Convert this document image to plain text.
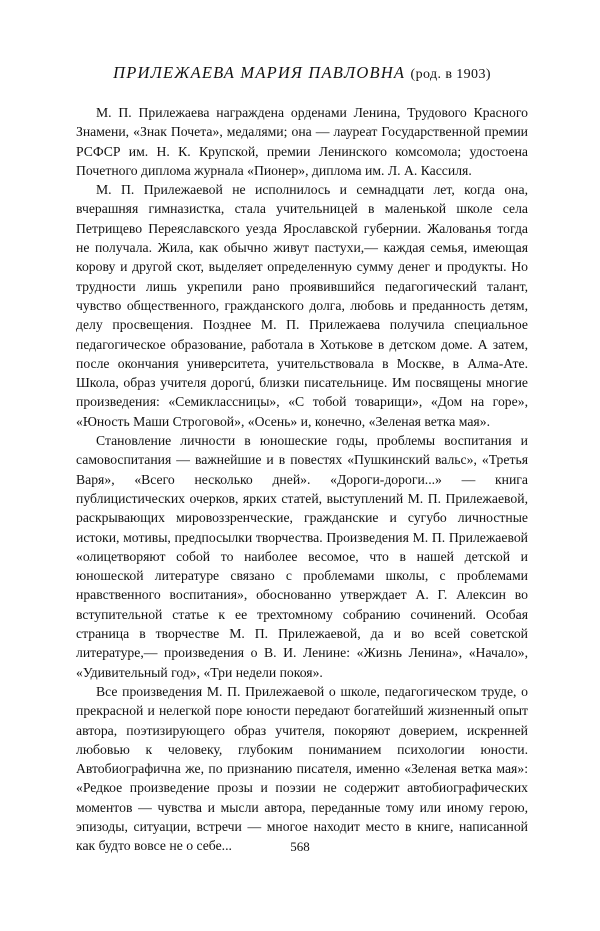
ПРИЛЕЖАЕВА МАРИЯ ПАВЛОВНА (род. в 1903)

М. П. Прилежаева награждена орденами Ленина, Трудового Красного Знамени, «Знак Почета», медалями; она — лауреат Государственной премии РСФСР им. Н. К. Крупской, премии Ленинского комсомола; удостоена Почетного диплома журнала «Пионер», диплома им. Л. А. Кассиля.

М. П. Прилежаевой не исполнилось и семнадцати лет, когда она, вчерашняя гимназистка, стала учительницей в маленькой школе села Петрищево Переяславского уезда Ярославской губернии. Жалованья тогда не получала. Жила, как обычно живут пастухи,— каждая семья, имеющая корову и другой скот, выделяет определенную сумму денег и продукты. Но трудности лишь укрепили рано проявившийся педагогический талант, чувство общественного, гражданского долга, любовь и преданность детям, делу просвещения. Позднее М. П. Прилежаева получила специальное педагогическое образование, работала в Хотькове в детском доме. А затем, после окончания университета, учительствовала в Москве, в Алма-Ате. Школа, образ учителя дорогú, близки писательнице. Им посвящены многие произведения: «Семиклассницы», «С тобой товарищи», «Дом на горе», «Юность Маши Строговой», «Осень» и, конечно, «Зеленая ветка мая».

Становление личности в юношеские годы, проблемы воспитания и самовоспитания — важнейшие и в повестях «Пушкинский вальс», «Третья Варя», «Всего несколько дней». «Дороги-дороги...» — книга публицистических очерков, ярких статей, выступлений М. П. Прилежаевой, раскрывающих мировоззренческие, гражданские и сугубо личностные истоки, мотивы, предпосылки творчества. Произведения М. П. Прилежаевой «олицетворяют собой то наиболее весомое, что в нашей детской и юношеской литературе связано с проблемами школы, с проблемами нравственного воспитания», обоснованно утверждает А. Г. Алексин во вступительной статье к ее трехтомному собранию сочинений. Особая страница в творчестве М. П. Прилежаевой, да и во всей советской литературе,— произведения о В. И. Ленине: «Жизнь Ленина», «Начало», «Удивительный год», «Три недели покоя».

Все произведения М. П. Прилежаевой о школе, педагогическом труде, о прекрасной и нелегкой поре юности передают богатейший жизненный опыт автора, поэтизирующего образ учителя, покоряют доверием, искренней любовью к человеку, глубоким пониманием психологии юности. Автобиографична же, по признанию писателя, именно «Зеленая ветка мая»: «Редкое произведение прозы и поэзии не содержит автобиографических моментов — чувства и мысли автора, переданные тому или иному герою, эпизоды, ситуации, встречи — многое находит место в книге, написанной как будто вовсе не о себе...	568
